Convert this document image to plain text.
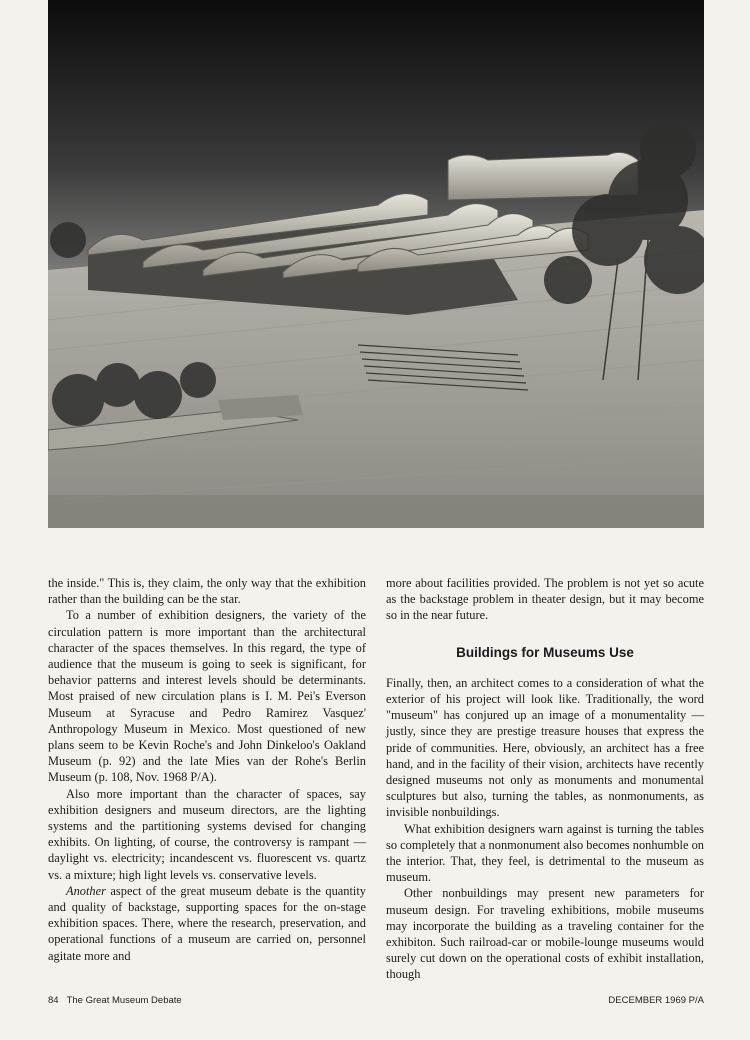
the inside." This is, they claim, the only way that the exhibition rather than the building can be the star.

To a number of exhibition designers, the variety of the circulation pattern is more important than the architectural character of the spaces themselves. In this regard, the type of audience that the museum is going to seek is significant, for behavior patterns and interest levels should be determinants. Most praised of new circulation plans is I. M. Pei's Everson Museum at Syracuse and Pedro Ramirez Vasquez' Anthropology Museum in Mexico. Most questioned of new plans seem to be Kevin Roche's and John Dinkeloo's Oakland Museum (p. 92) and the late Mies van der Rohe's Berlin Museum (p. 108, Nov. 1968 P/A).

Also more important than the character of spaces, say exhibition designers and museum directors, are the lighting systems and the partitioning systems devised for changing exhibits. On lighting, of course, the controversy is rampant — daylight vs. electricity; incandescent vs. fluorescent vs. quartz vs. a mixture; high light levels vs. conservative levels.

Another aspect of the great museum debate is the quantity and quality of backstage, supporting spaces for the on-stage exhibition spaces. There, where the research, preservation, and operational functions of a museum are carried on, personnel agitate more and

more about facilities provided. The problem is not yet so acute as the backstage problem in theater design, but it may become so in the near future.

Buildings for Museums Use

Finally, then, an architect comes to a consideration of what the exterior of his project will look like. Traditionally, the word "museum" has conjured up an image of a monumentality — justly, since they are prestige treasure houses that express the pride of communities. Here, obviously, an architect has a free hand, and in the facility of their vision, architects have recently designed museums not only as monuments and monumental sculptures but also, turning the tables, as nonmonuments, as invisible nonbuildings.

What exhibition designers warn against is turning the tables so completely that a nonmonument also becomes nonhumble on the interior. That, they feel, is detrimental to the museum as museum.

Other nonbuildings may present new parameters for museum design. For traveling exhibitions, mobile museums may incorporate the building as a traveling container for the exhibiton. Such railroad-car or mobile-lounge museums would surely cut down on the operational costs of exhibit installation, though

84 The Great Museum Debate	DECEMBER 1969 P/A
